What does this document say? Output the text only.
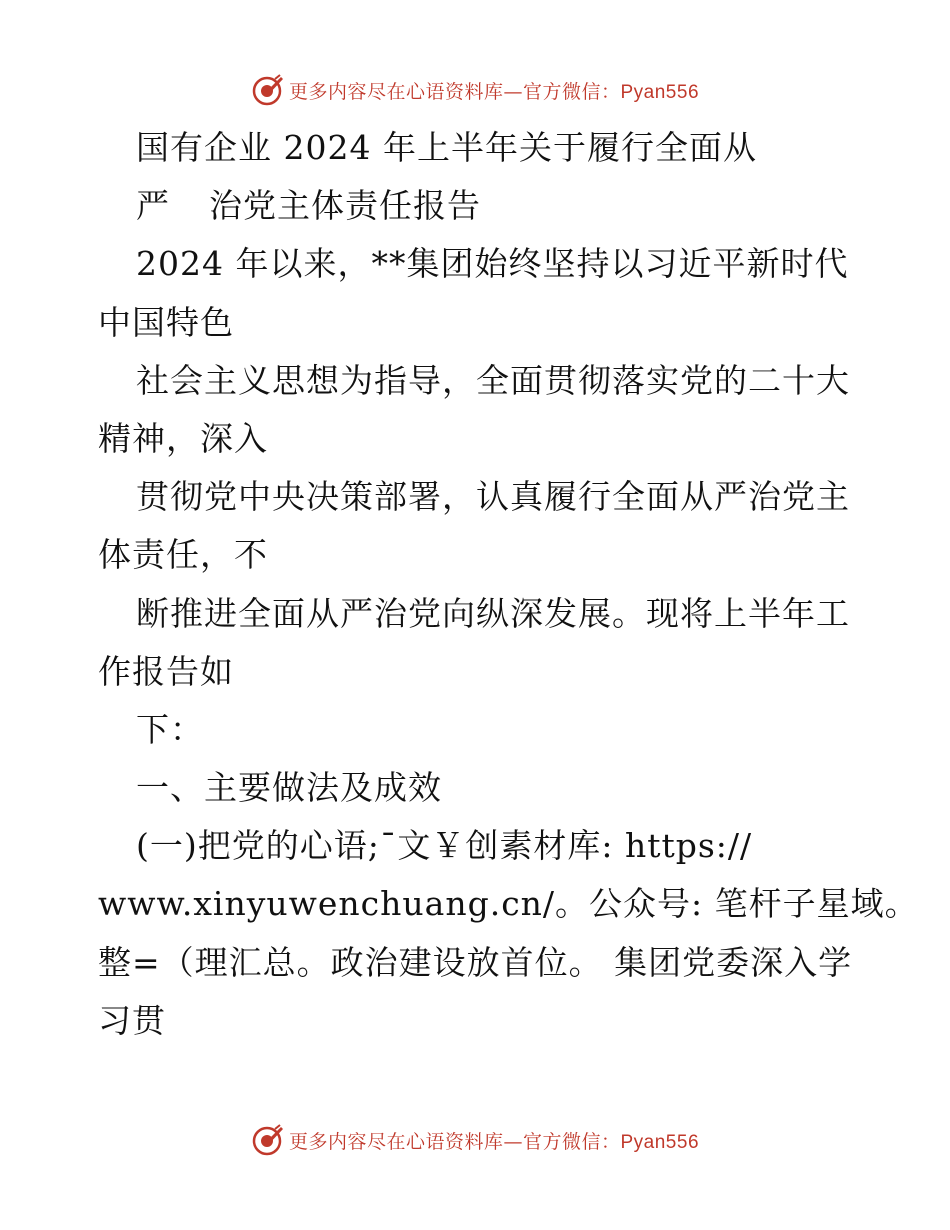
更多内容尽在心语资料库—官方微信：Pyan556
国有企业 2024 年上半年关于履行全面从
严  治党主体责任报告
2024 年以来，**集团始终坚持以习近平新时代
中国特色
社会主义思想为指导，全面贯彻落实党的二十大
精神，深入
贯彻党中央决策部署，认真履行全面从严治党主
体责任，不
断推进全面从严治党向纵深发展。现将上半年工
作报告如
下：
一、主要做法及成效
(一)把党的心语;¯文￥创素材库: https://
www.xinyuwenchuang.cn/。公众号: 笔杆子星域。
整=（理汇总。政治建设放首位。 集团党委深入学
习贯
更多内容尽在心语资料库—官方微信：Pyan556
